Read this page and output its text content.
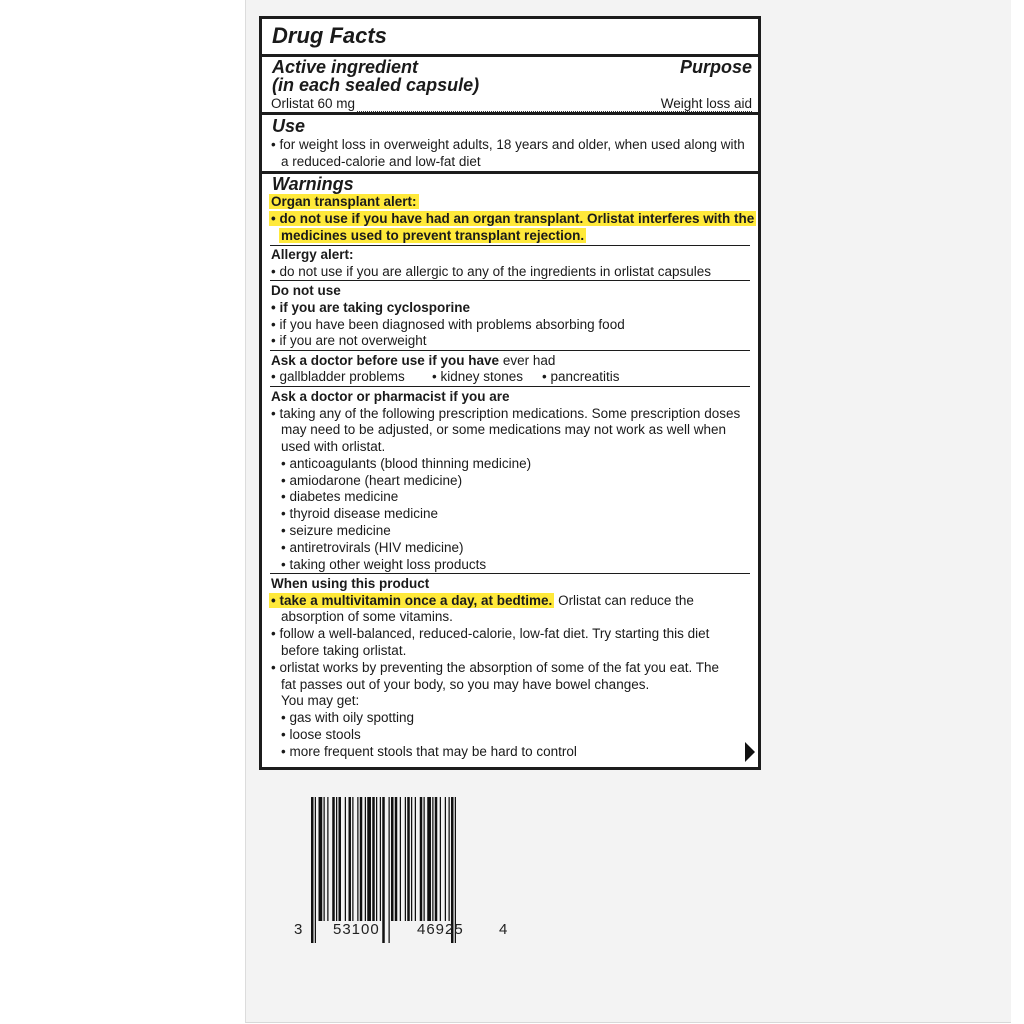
Drug Facts
Active ingredient
(in each sealed capsule)
Purpose
Orlistat 60 mg	Weight loss aid
Use
• for weight loss in overweight adults, 18 years and older, when used along with
a reduced-calorie and low-fat diet
Warnings
Organ transplant alert:
• do not use if you have had an organ transplant. Orlistat interferes with the
medicines used to prevent transplant rejection.
Allergy alert:
• do not use if you are allergic to any of the ingredients in orlistat capsules
Do not use
• if you are taking cyclosporine
• if you have been diagnosed with problems absorbing food
• if you are not overweight
Ask a doctor before use if you have ever had
• gallbladder problems • kidney stones • pancreatitis
Ask a doctor or pharmacist if you are
• taking any of the following prescription medications. Some prescription doses
may need to be adjusted, or some medications may not work as well when
used with orlistat.
• anticoagulants (blood thinning medicine)
• amiodarone (heart medicine)
• diabetes medicine
• thyroid disease medicine
• seizure medicine
• antiretrovirals (HIV medicine)
• taking other weight loss products
When using this product
• take a multivitamin once a day, at bedtime. Orlistat can reduce the
absorption of some vitamins.
• follow a well-balanced, reduced-calorie, low-fat diet. Try starting this diet
before taking orlistat.
• orlistat works by preventing the absorption of some of the fat you eat. The
fat passes out of your body, so you may have bowel changes.
You may get:
• gas with oily spotting
• loose stools
• more frequent stools that may be hard to control
3 53100 46925 4
